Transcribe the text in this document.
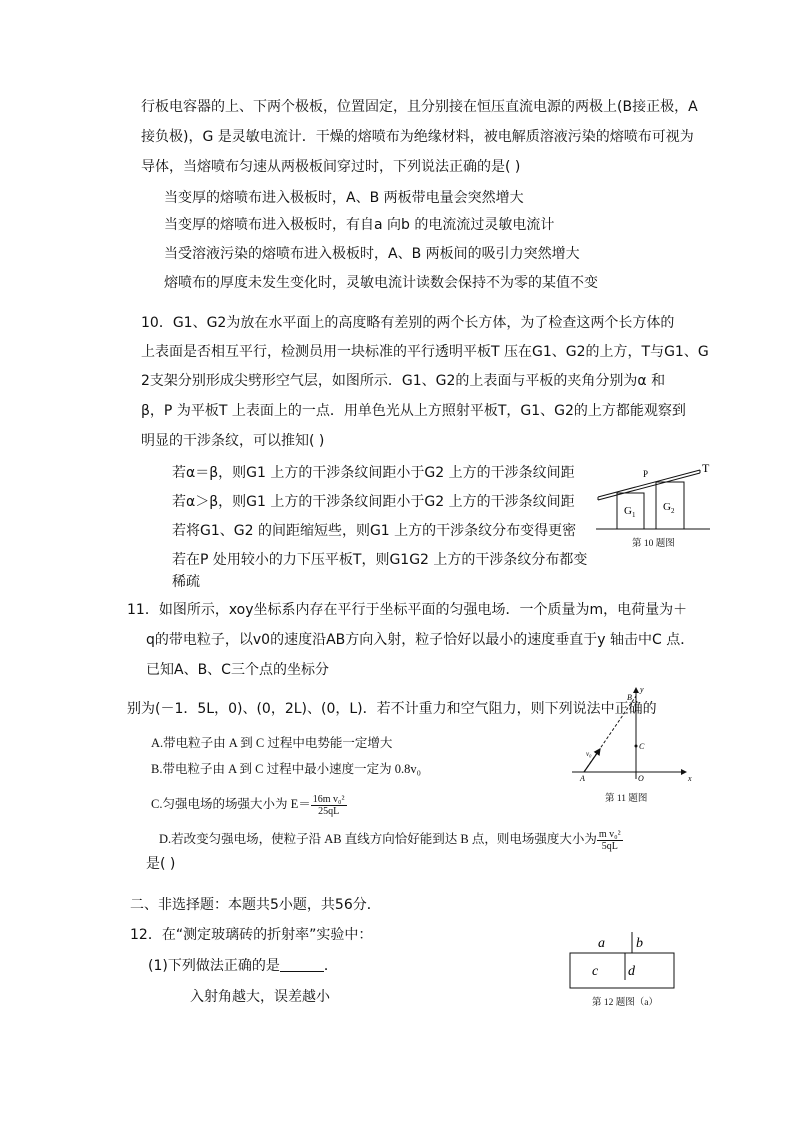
行板电容器的上、下两个极板，位置固定，且分别接在恒压直流电源的两极上(B接正极，A
接负极)，G 是灵敏电流计．干燥的熔喷布为绝缘材料，被电解质溶液污染的熔喷布可视为
导体，当熔喷布匀速从两极板间穿过时，下列说法正确的是( )
当变厚的熔喷布进入极板时，A、B 两板带电量会突然增大
当变厚的熔喷布进入极板时，有自a 向b 的电流流过灵敏电流计
当受溶液污染的熔喷布进入极板时，A、B 两板间的吸引力突然增大
熔喷布的厚度未发生变化时，灵敏电流计读数会保持不为零的某值不变
10．G1、G2为放在水平面上的高度略有差别的两个长方体，为了检查这两个长方体的
上表面是否相互平行，检测员用一块标准的平行透明平板T 压在G1、G2的上方，T与G1、G
2支架分别形成尖劈形空气层，如图所示．G1、G2的上表面与平板的夹角分别为α 和
β，P 为平板T 上表面上的一点．用单色光从上方照射平板T，G1、G2的上方都能观察到
明显的干涉条纹，可以推知( )
若α＝β，则G1 上方的干涉条纹间距小于G2 上方的干涉条纹间距
若α＞β，则G1 上方的干涉条纹间距小于G2 上方的干涉条纹间距
若将G1、G2 的间距缩短些，则G1 上方的干涉条纹分布变得更密
若在P 处用较小的力下压平板T，则G1G2 上方的干涉条纹分布都变
稀疏
P	T
$G_1$
$G_2$
第 10 题图
11．如图所示，xoy坐标系内存在平行于坐标平面的匀强电场．一个质量为m，电荷量为＋
q的带电粒子，以v0的速度沿AB方向入射，粒子恰好以最小的速度垂直于y 轴击中C 点．
已知A、B、C三个点的坐标分
别为(－1．5L，0)、(0，2L)、(0，L)．若不计重力和空气阻力，则下列说法中正确的
A.带电粒子由 A 到 C 过程中电势能一定增大
B.带电粒子由 A 到 C 过程中最小速度一定为 0.8v₀
C.匀强电场的场强大小为 $E= \frac{\text{16m v₀²}}{25qL}$
D.若改变匀强电场，使粒子沿 AB 直线方向恰好能到达 B 点，则电场强度大小为 $\frac{\text{m v₀²}}{5qL}$
是( )
y
x
B
C
A	O
v₀
第 11 题图
二、非选择题：本题共5小题，共56分．
12．在“测定玻璃砖的折射率”实验中：
(1)下列做法正确的是	．
入射角越大，误差越小
a b
c d
第 12 题图（a）
